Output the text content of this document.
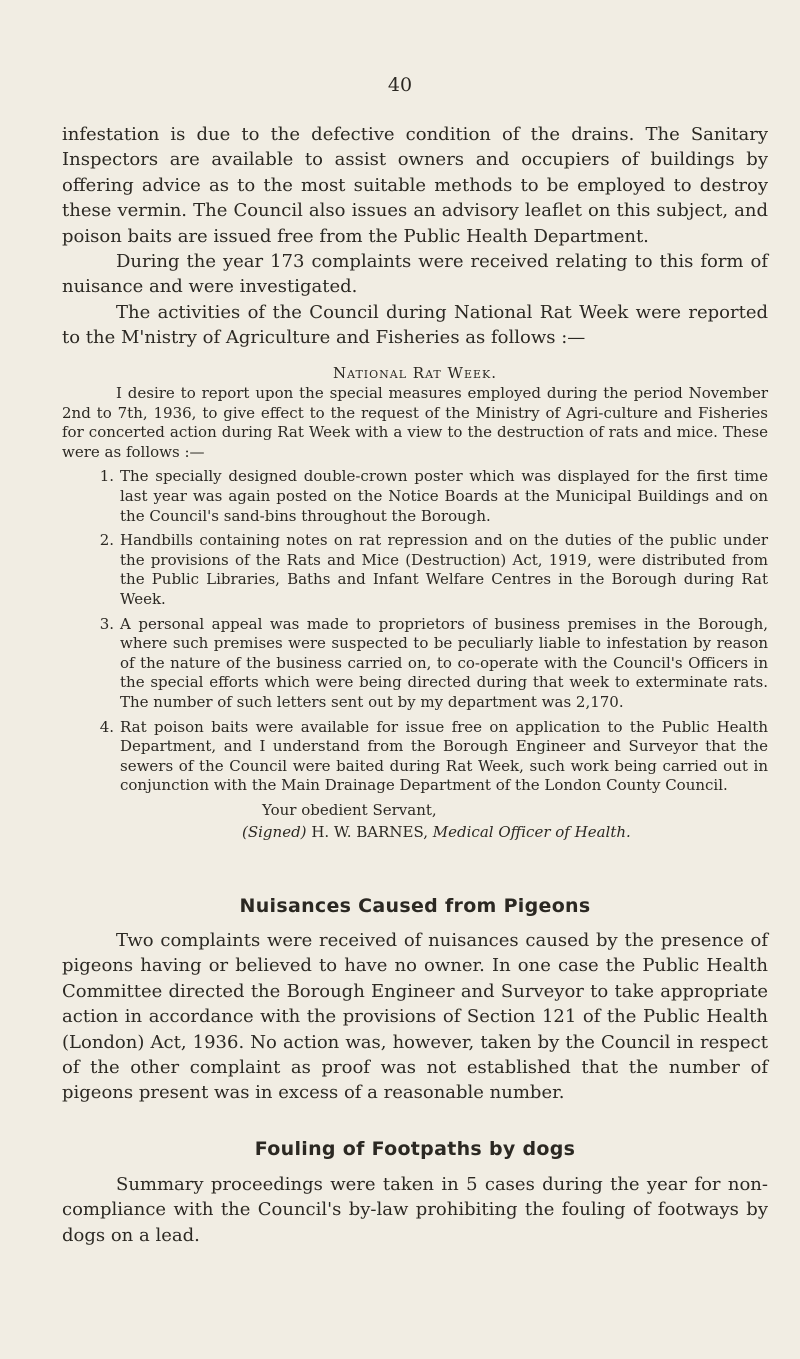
40

infestation is due to the defective condition of the drains. The Sanitary Inspectors are available to assist owners and occupiers of buildings by offering advice as to the most suitable methods to be employed to destroy these vermin. The Council also issues an advisory leaflet on this subject, and poison baits are issued free from the Public Health Department.

During the year 173 complaints were received relating to this form of nuisance and were investigated.

The activities of the Council during National Rat Week were reported to the M'nistry of Agriculture and Fisheries as follows :—

National Rat Week.

I desire to report upon the special measures employed during the period November 2nd to 7th, 1936, to give effect to the request of the Ministry of Agri-culture and Fisheries for concerted action during Rat Week with a view to the destruction of rats and mice. These were as follows :—

1. The specially designed double-crown poster which was displayed for the first time last year was again posted on the Notice Boards at the Municipal Buildings and on the Council's sand-bins throughout the Borough.
2. Handbills containing notes on rat repression and on the duties of the public under the provisions of the Rats and Mice (Destruction) Act, 1919, were distributed from the Public Libraries, Baths and Infant Welfare Centres in the Borough during Rat Week.
3. A personal appeal was made to proprietors of business premises in the Borough, where such premises were suspected to be peculiarly liable to infestation by reason of the nature of the business carried on, to co-operate with the Council's Officers in the special efforts which were being directed during that week to exterminate rats. The number of such letters sent out by my department was 2,170.
4. Rat poison baits were available for issue free on application to the Public Health Department, and I understand from the Borough Engineer and Surveyor that the sewers of the Council were baited during Rat Week, such work being carried out in conjunction with the Main Drainage Department of the London County Council.
Your obedient Servant,
(Signed) H. W. BARNES, Medical Officer of Health.
Nuisances Caused from Pigeons

Two complaints were received of nuisances caused by the presence of pigeons having or believed to have no owner. In one case the Public Health Committee directed the Borough Engineer and Surveyor to take appropriate action in accordance with the provisions of Section 121 of the Public Health (London) Act, 1936. No action was, however, taken by the Council in respect of the other complaint as proof was not established that the number of pigeons present was in excess of a reasonable number.

Fouling of Footpaths by dogs

Summary proceedings were taken in 5 cases during the year for non-compliance with the Council's by-law prohibiting the fouling of footways by dogs on a lead.
